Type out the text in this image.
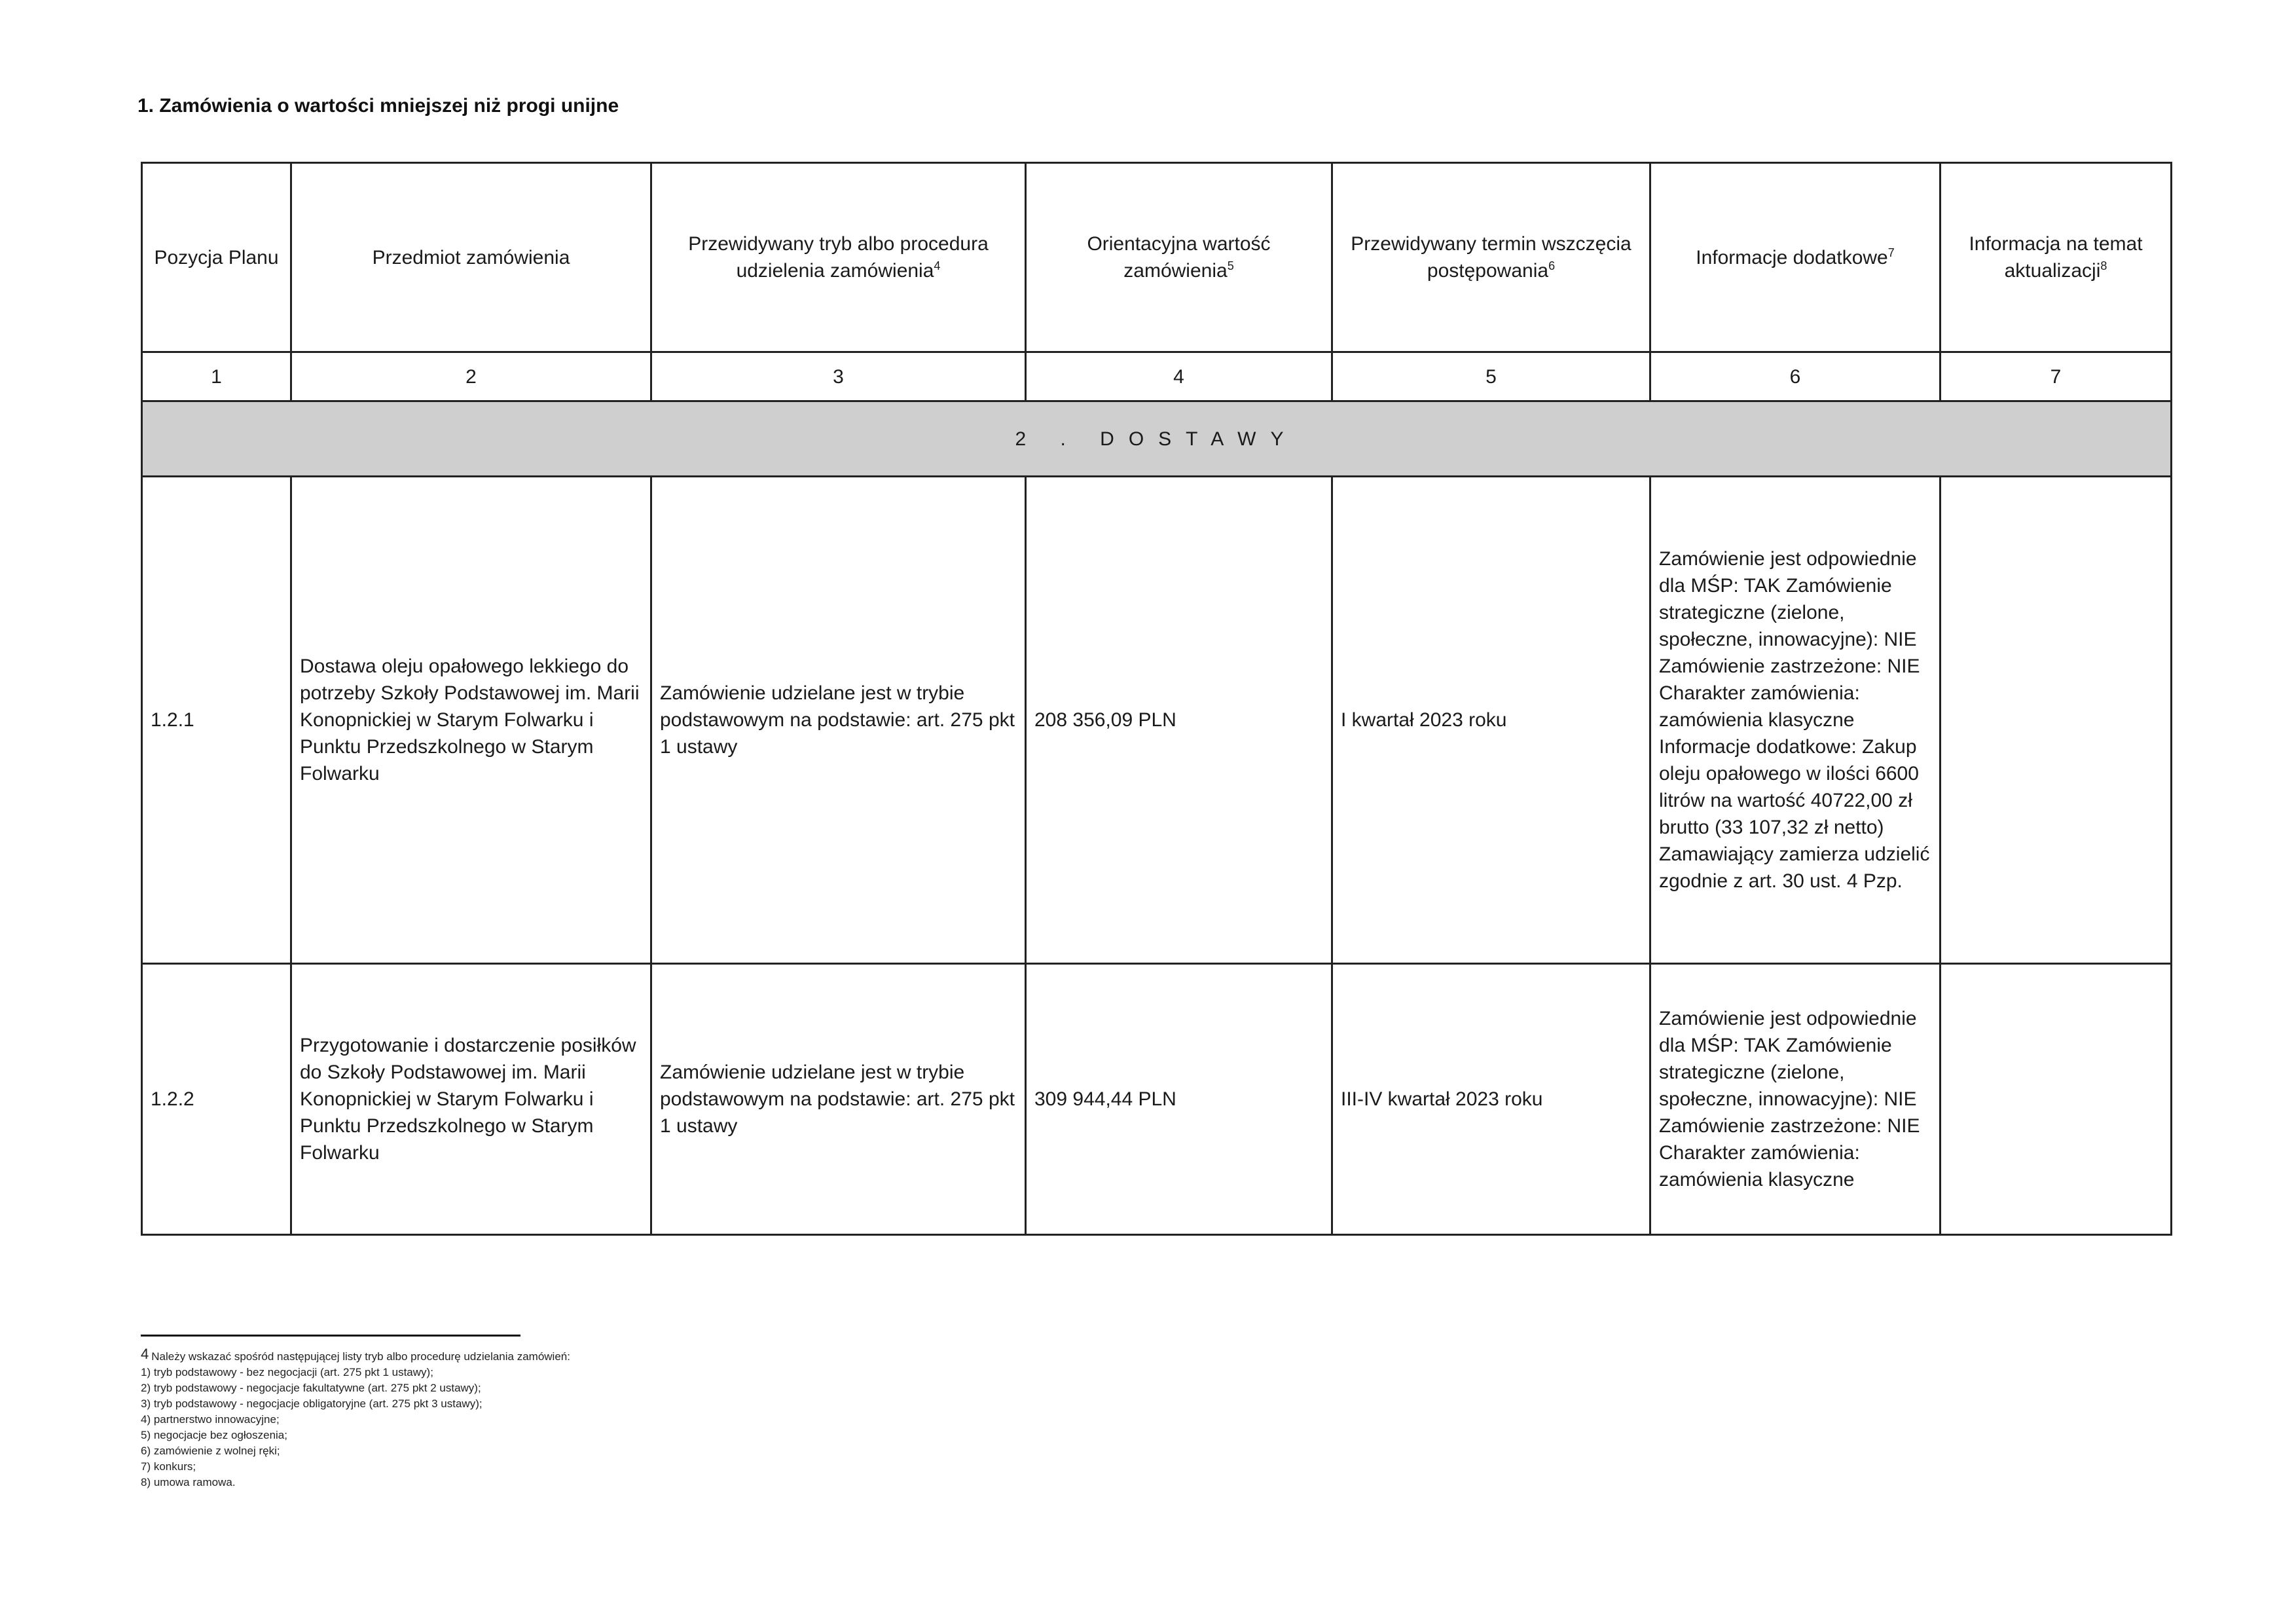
1. Zamówienia o wartości mniejszej niż progi unijne
Pozycja Planu	Przedmiot zamówienia	Przewidywany tryb albo procedura udzielenia zamówienia$^4$	Orientacyjna wartość zamówienia$^5$	Przewidywany termin wszczęcia postępowania$^6$	Informacje dodatkowe$^7$	Informacja na temat aktualizacji$^8$
1	2	3	4	5	6	7
2 . DOSTAWY						
1.2.1	Dostawa oleju opałowego lekkiego do potrzeby Szkoły Podstawowej im. Marii Konopnickiej w Starym Folwarku i Punktu Przedszkolnego w Starym Folwarku	Zamówienie udzielane jest w trybie podstawowym na podstawie: art. 275 pkt 1 ustawy	208 356,09 PLN	I kwartał 2023 roku	Zamówienie jest odpowiednie dla MŚP: TAK Zamówienie strategiczne (zielone, społeczne, innowacyjne): NIE Zamówienie zastrzeżone: NIE Charakter zamówienia: zamówienia klasyczne Informacje dodatkowe: Zakup oleju opałowego w ilości 6600 litrów na wartość 40722,00 zł brutto (33 107,32 zł netto) Zamawiający zamierza udzielić zgodnie z art. 30 ust. 4 Pzp.	
1.2.2	Przygotowanie i dostarczenie posiłków do Szkoły Podstawowej im. Marii Konopnickiej w Starym Folwarku i Punktu Przedszkolnego w Starym Folwarku	Zamówienie udzielane jest w trybie podstawowym na podstawie: art. 275 pkt 1 ustawy	309 944,44 PLN	III-IV kwartał 2023 roku	Zamówienie jest odpowiednie dla MŚP: TAK Zamówienie strategiczne (zielone, społeczne, innowacyjne): NIE Zamówienie zastrzeżone: NIE Charakter zamówienia: zamówienia klasyczne	
$^4$ Należy wskazać spośród następującej listy tryb albo procedurę udzielania zamówień:
1) tryb podstawowy - bez negocjacji (art. 275 pkt 1 ustawy);
2) tryb podstawowy - negocjacje fakultatywne (art. 275 pkt 2 ustawy);
3) tryb podstawowy - negocjacje obligatoryjne (art. 275 pkt 3 ustawy);
4) partnerstwo innowacyjne;
5) negocjacje bez ogłoszenia;
6) zamówienie z wolnej ręki;
7) konkurs;
8) umowa ramowa.
